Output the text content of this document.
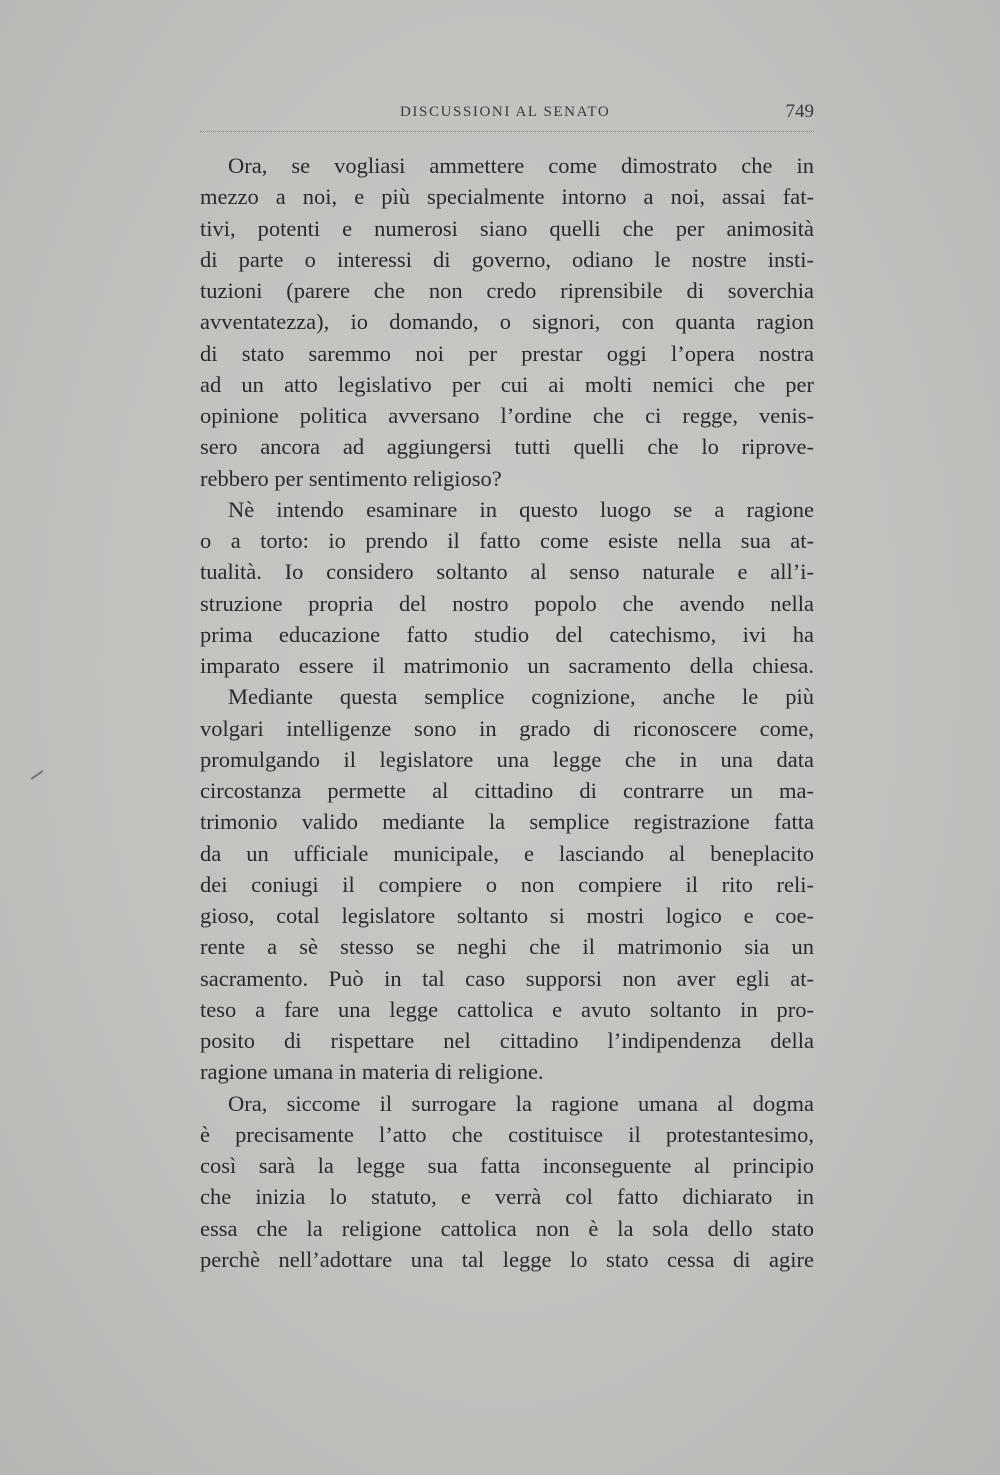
DISCUSSIONI AL SENATO	749
Ora, se vogliasi ammettere come dimostrato che in
mezzo a noi, e più specialmente intorno a noi, assai fat-
tivi, potenti e numerosi siano quelli che per animosità
di parte o interessi di governo, odiano le nostre insti-
tuzioni (parere che non credo riprensibile di soverchia
avventatezza), io domando, o signori, con quanta ragion
di stato saremmo noi per prestar oggi l’opera nostra
ad un atto legislativo per cui ai molti nemici che per
opinione politica avversano l’ordine che ci regge, venis-
sero ancora ad aggiungersi tutti quelli che lo riprove-
rebbero per sentimento religioso?
Nè intendo esaminare in questo luogo se a ragione
o a torto: io prendo il fatto come esiste nella sua at-
tualità. Io considero soltanto al senso naturale e all’i-
struzione propria del nostro popolo che avendo nella
prima educazione fatto studio del catechismo, ivi ha
imparato essere il matrimonio un sacramento della chiesa.
Mediante questa semplice cognizione, anche le più
volgari intelligenze sono in grado di riconoscere come,
promulgando il legislatore una legge che in una data
circostanza permette al cittadino di contrarre un ma-
trimonio valido mediante la semplice registrazione fatta
da un ufficiale municipale, e lasciando al beneplacito
dei coniugi il compiere o non compiere il rito reli-
gioso, cotal legislatore soltanto si mostri logico e coe-
rente a sè stesso se neghi che il matrimonio sia un
sacramento. Può in tal caso supporsi non aver egli at-
teso a fare una legge cattolica e avuto soltanto in pro-
posito di rispettare nel cittadino l’indipendenza della
ragione umana in materia di religione.
Ora, siccome il surrogare la ragione umana al dogma
è precisamente l’atto che costituisce il protestantesimo,
così sarà la legge sua fatta inconseguente al principio
che inizia lo statuto, e verrà col fatto dichiarato in
essa che la religione cattolica non è la sola dello stato
perchè nell’adottare una tal legge lo stato cessa di agire
